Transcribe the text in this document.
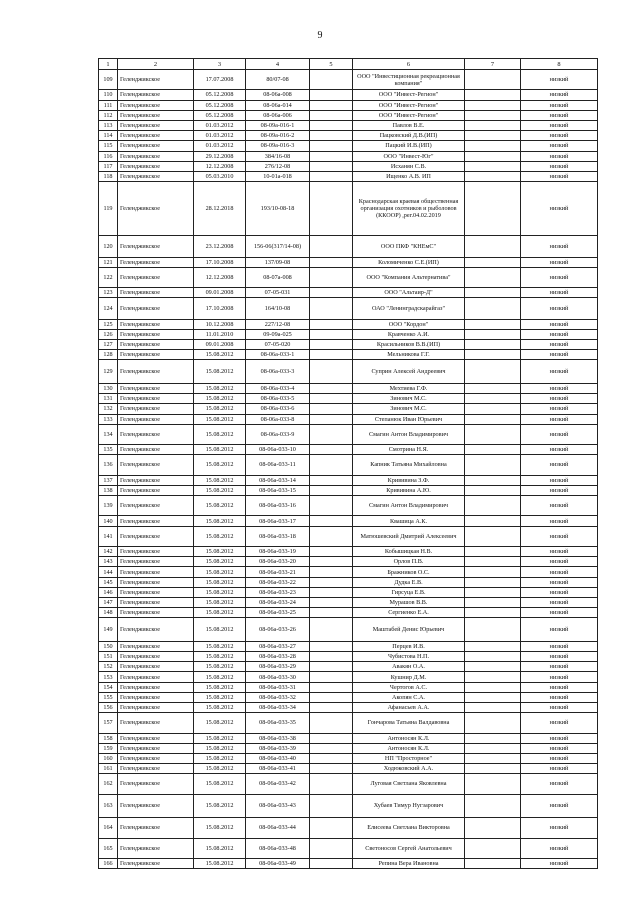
9
1	2	3	4	5	6	7	8
109	Геленджикское	17.07.2008	80/07-08		ООО "Инвестиционная рекреационная компания"		низкий
110	Геленджикское	05.12.2008	08-06а-008		ООО "Инвест-Регион"		низкий
111	Геленджикское	05.12.2008	08-06а-014		ООО "Инвест-Регион"		низкий
112	Геленджикское	05.12.2008	08-06а-006		ООО "Инвест-Регион"		низкий
113	Геленджикское	01.03.2012	08-09а-016-1		Павлов В.Е.		низкий
114	Геленджикское	01.03.2012	08-09а-016-2		Пацковский Д.В.(ИП)		низкий
115	Геленджикское	01.03.2012	08-09а-016-3		Пацкий И.В.(ИП)		низкий
116	Геленджикское	29.12.2008	384/16-08		ООО "Инвест-Юг"		низкий
117	Геленджикское	12.12.2008	276/12-08		Исханян С.В.		низкий
118	Геленджикское	05.03.2010	10-01а-018		Ищенко А.В. ИП		низкий
119	Геленджикское	28.12.2018	193/10-08-18		Краснодарская краевая общественная организация охотников и рыболовов (ККООР) ,рег.04.02.2019		низкий
120	Геленджикское	23.12.2008	156-06(317/14-08)		ООО ПКФ "КНЕмС"		низкий
121	Геленджикское	17.10.2008	137/09-08		Коломиченко С.Е.(ИП)		низкий
122	Геленджикское	12.12.2008	08-07а-008		ООО "Компания Альтернатива"		низкий
123	Геленджикское	09.01.2008	07-05-031		ООО "Альтаир-Д"		низкий
124	Геленджикское	17.10.2008	164/10-08		ОАО "Ленинградскарайгаз"		низкий
125	Геленджикское	10.12.2008	227/12-08		ООО "Кордон"		низкий
126	Геленджикское	11.01.2010	09-09а-025		Кравченко А.И.		низкий
127	Геленджикское	09.01.2008	07-05-020		Красильников В.В.(ИП)		низкий
128	Геленджикское	15.08.2012	08-06а-033-1		Мельникова Г.Г.		низкий
129	Геленджикское	15.08.2012	08-06а-033-3		Суприн Алексей Андреевич		низкий
130	Геленджикское	15.08.2012	08-06а-033-4		Мехтиева Г.Ф.		низкий
131	Геленджикское	15.08.2012	08-06а-033-5		Зинович М.С.		низкий
132	Геленджикское	15.08.2012	08-06а-033-6		Зинович М.С.		низкий
133	Геленджикское	15.08.2012	08-06а-033-8		Степанюк Иван Юрьевич		низкий
134	Геленджикское	15.08.2012	08-06а-033-9		Смагин Антон Владимирович		низкий
135	Геленджикское	15.08.2012	08-06а-033-10		Смотрина Н.Я.		низкий
136	Геленджикское	15.08.2012	08-06а-033-11		Капник Татьяна Михайловна		низкий
137	Геленджикское	15.08.2012	08-06а-033-14		Крививина З.Ф.		низкий
138	Геленджикское	15.08.2012	08-06а-033-15		Крививина А.Ю.		низкий
139	Геленджикское	15.08.2012	08-06а-033-16		Смагин Антон Владимирович		низкий
140	Геленджикское	15.08.2012	08-06а-033-17		Квашица А.К.		низкий
141	Геленджикское	15.08.2012	08-06а-033-18		Матюшевский Дмитрий Алексеевич		низкий
142	Геленджикское	15.08.2012	08-06а-033-19		Кобышицкая Н.В.		низкий
143	Геленджикское	15.08.2012	08-06а-033-20		Орлов П.В.		низкий
144	Геленджикское	15.08.2012	08-06а-033-21		Бражников О.С.		низкий
145	Геленджикское	15.08.2012	08-06а-033-22		Дудка Е.В.		низкий
146	Геленджикское	15.08.2012	08-06а-033-23		Гирсуца Е.В.		низкий
147	Геленджикское	15.08.2012	08-06а-033-24		Мурашов В.В.		низкий
148	Геленджикское	15.08.2012	08-06а-033-25		Сергиенко Е.А.		низкий
149	Геленджикское	15.08.2012	08-06а-033-26		Маштабей Денис Юрьевич		низкий
150	Геленджикское	15.08.2012	08-06а-033-27		Перцев И.В.		низкий
151	Геленджикское	15.08.2012	08-06а-033-28		Чубистова Н.П.		низкий
152	Геленджикское	15.08.2012	08-06а-033-29		Авакян О.А.		низкий
153	Геленджикское	15.08.2012	08-06а-033-30		Кушнир Д.М.		низкий
154	Геленджикское	15.08.2012	08-06а-033-31		Чертогов А.С.		низкий
155	Геленджикское	15.08.2012	08-06а-033-32		Акопян С.А.		низкий
156	Геленджикское	15.08.2012	08-06а-033-34		Афанасьев А.А.		низкий
157	Геленджикское	15.08.2012	08-06а-033-35		Гончарова Татьяна Валдавовна		низкий
158	Геленджикское	15.08.2012	08-06а-033-38		Антоносян К.Л.		низкий
159	Геленджикское	15.08.2012	08-06а-033-39		Антоносян К.Л.		низкий
160	Геленджикское	15.08.2012	08-06а-033-40		НП "Просторное"		низкий
161	Геленджикское	15.08.2012	08-06а-033-41		Ходюковский А.А.		низкий
162	Геленджикское	15.08.2012	08-06а-033-42		Луговая Светлана Яковлевна		низкий
163	Геленджикское	15.08.2012	08-06а-033-43		Хубаев Тимур Нугзарович		низкий
164	Геленджикское	15.08.2012	08-06а-033-44		Елисеева Светлана Викторовна		низкий
165	Геленджикское	15.08.2012	08-06а-033-48		Светоносов Сергей Анатольевич		низкий
166	Геленджикское	15.08.2012	08-06а-033-49		Репина Вера Ивановна		низкий
